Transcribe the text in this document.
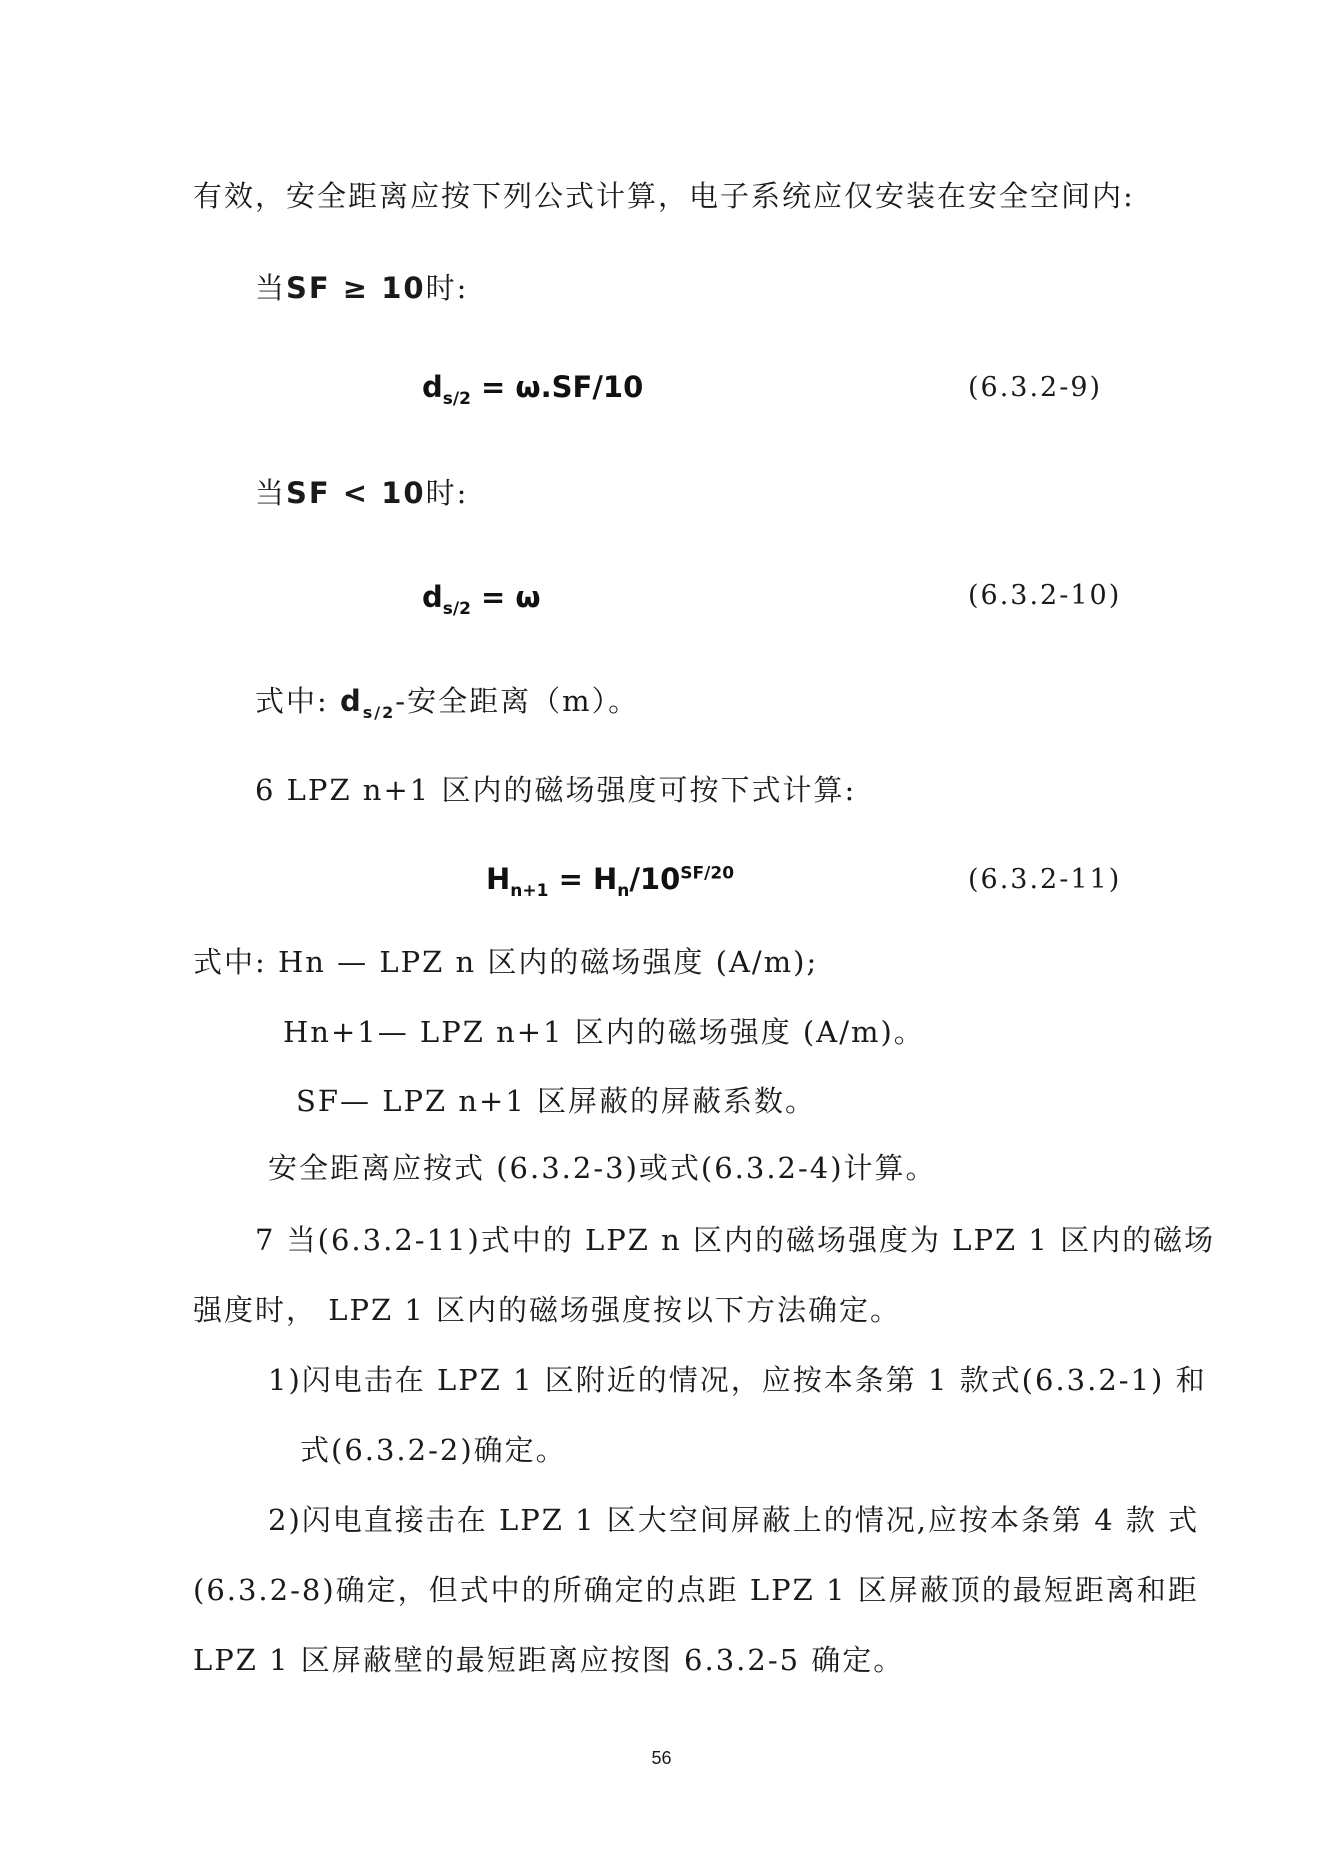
有效，安全距离应按下列公式计算，电子系统应仅安装在安全空间内:
当SF ≥ 10时:
$d_{s/2} = \omega.SF/10$	(6.3.2-9)
当SF < 10时:
$d_{s/2} = \omega$	(6.3.2-10)
式中: $d_{s/2}-$安全距离（m）。
6 LPZ n+1 区内的磁场强度可按下式计算:
$H_{n+1} = H_n/10^{SF/20}$	(6.3.2-11)
式中: Hn — LPZ n 区内的磁场强度 (A/m);
Hn+1— LPZ n+1 区内的磁场强度 (A/m)。
SF— LPZ n+1 区屏蔽的屏蔽系数。
安全距离应按式 (6.3.2-3)或式(6.3.2-4)计算。
7 当(6.3.2-11)式中的 LPZ n 区内的磁场强度为 LPZ 1 区内的磁场
强度时， LPZ 1 区内的磁场强度按以下方法确定。
1)闪电击在 LPZ 1 区附近的情况，应按本条第 1 款式(6.3.2-1) 和
式(6.3.2-2)确定。
2)闪电直接击在 LPZ 1 区大空间屏蔽上的情况,应按本条第 4 款 式
(6.3.2-8)确定，但式中的所确定的点距 LPZ 1 区屏蔽顶的最短距离和距
LPZ 1 区屏蔽壁的最短距离应按图 6.3.2-5 确定。
56
